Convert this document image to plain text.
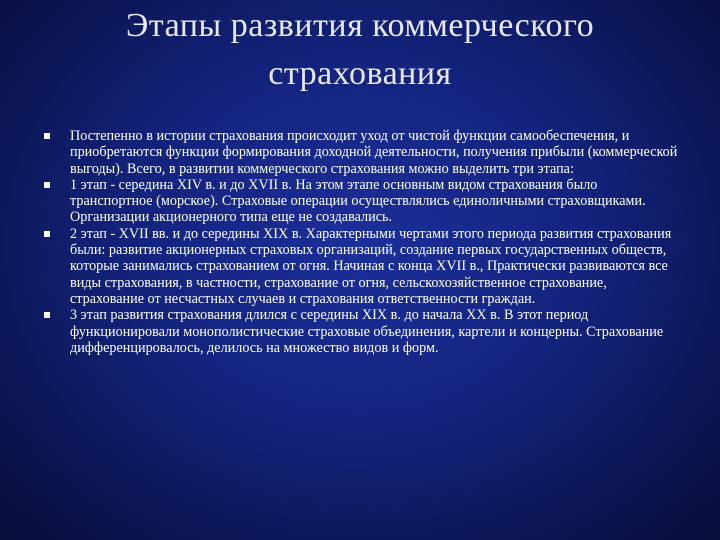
Этапы развития коммерческого
страхования
Постепенно в истории страхования происходит уход от чистой функции самообеспечения, и приобретаются функции формирования доходной деятельности, получения прибыли (коммерческой выгоды). Всего, в развитии коммерческого страхования можно выделить три этапа:
1 этап - середина XIV в. и до XVII в. На этом этапе основным видом страхования было транспортное (морское). Страховые операции осуществлялись единоличными страховщиками. Организации акционерного типа еще не создавались.
2 этап - XVII вв. и до середины XIX в. Характерными чертами этого периода развития страхования были: развитие акционерных страховых организаций, создание первых государственных обществ, которые занимались страхованием от огня. Начиная с конца XVII в., Практически развиваются все виды страхования, в частности, страхование от огня, сельскохозяйственное страхование, страхование от несчастных случаев и страхования ответственности граждан.
3 этап развития страхования длился с середины XIX в. до начала XX в. В этот период функционировали монополистические страховые объединения, картели и концерны. Страхование дифференцировалось, делилось на множество видов и форм.
